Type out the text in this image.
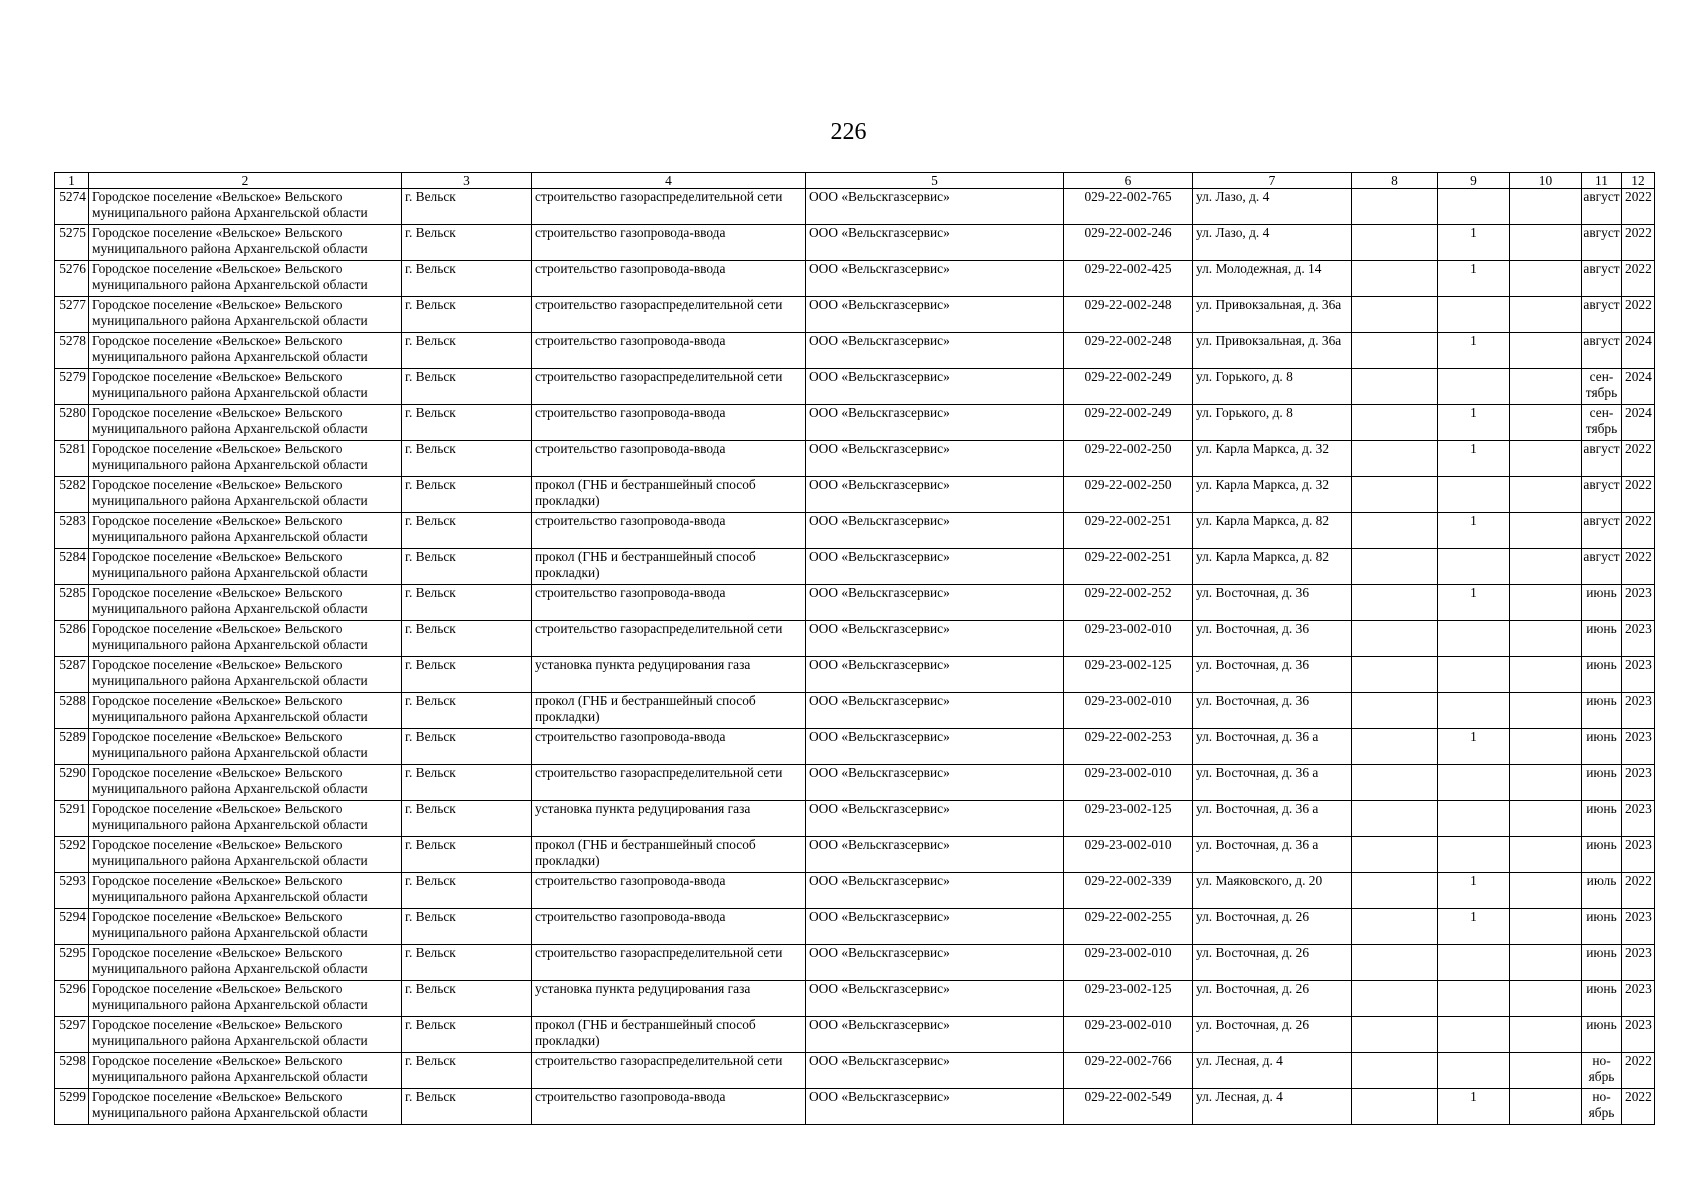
226
1	2	3	4	5	6	7	8	9	10	11	12
5274	Городское поселение «Вельское» Вельского муниципального района Архангельской области	г. Вельск	строительство газораспределительной сети	ООО «Вельскгазсервис»	029-22-002-765	ул. Лазо, д. 4				август	2022
5275	Городское поселение «Вельское» Вельского муниципального района Архангельской области	г. Вельск	строительство газопровода-ввода	ООО «Вельскгазсервис»	029-22-002-246	ул. Лазо, д. 4		1		август	2022
5276	Городское поселение «Вельское» Вельского муниципального района Архангельской области	г. Вельск	строительство газопровода-ввода	ООО «Вельскгазсервис»	029-22-002-425	ул. Молодежная, д. 14		1		август	2022
5277	Городское поселение «Вельское» Вельского муниципального района Архангельской области	г. Вельск	строительство газораспределительной сети	ООО «Вельскгазсервис»	029-22-002-248	ул. Привокзальная, д. 36а				август	2022
5278	Городское поселение «Вельское» Вельского муниципального района Архангельской области	г. Вельск	строительство газопровода-ввода	ООО «Вельскгазсервис»	029-22-002-248	ул. Привокзальная, д. 36а		1		август	2024
5279	Городское поселение «Вельское» Вельского муниципального района Архангельской области	г. Вельск	строительство газораспределительной сети	ООО «Вельскгазсервис»	029-22-002-249	ул. Горького, д. 8				сен-тябрь	2024
5280	Городское поселение «Вельское» Вельского муниципального района Архангельской области	г. Вельск	строительство газопровода-ввода	ООО «Вельскгазсервис»	029-22-002-249	ул. Горького, д. 8		1		сен-тябрь	2024
5281	Городское поселение «Вельское» Вельского муниципального района Архангельской области	г. Вельск	строительство газопровода-ввода	ООО «Вельскгазсервис»	029-22-002-250	ул. Карла Маркса, д. 32		1		август	2022
5282	Городское поселение «Вельское» Вельского муниципального района Архангельской области	г. Вельск	прокол (ГНБ и бестраншейный способ прокладки)	ООО «Вельскгазсервис»	029-22-002-250	ул. Карла Маркса, д. 32				август	2022
5283	Городское поселение «Вельское» Вельского муниципального района Архангельской области	г. Вельск	строительство газопровода-ввода	ООО «Вельскгазсервис»	029-22-002-251	ул. Карла Маркса, д. 82		1		август	2022
5284	Городское поселение «Вельское» Вельского муниципального района Архангельской области	г. Вельск	прокол (ГНБ и бестраншейный способ прокладки)	ООО «Вельскгазсервис»	029-22-002-251	ул. Карла Маркса, д. 82				август	2022
5285	Городское поселение «Вельское» Вельского муниципального района Архангельской области	г. Вельск	строительство газопровода-ввода	ООО «Вельскгазсервис»	029-22-002-252	ул. Восточная, д. 36		1		июнь	2023
5286	Городское поселение «Вельское» Вельского муниципального района Архангельской области	г. Вельск	строительство газораспределительной сети	ООО «Вельскгазсервис»	029-23-002-010	ул. Восточная, д. 36				июнь	2023
5287	Городское поселение «Вельское» Вельского муниципального района Архангельской области	г. Вельск	установка пункта редуцирования газа	ООО «Вельскгазсервис»	029-23-002-125	ул. Восточная, д. 36				июнь	2023
5288	Городское поселение «Вельское» Вельского муниципального района Архангельской области	г. Вельск	прокол (ГНБ и бестраншейный способ прокладки)	ООО «Вельскгазсервис»	029-23-002-010	ул. Восточная, д. 36				июнь	2023
5289	Городское поселение «Вельское» Вельского муниципального района Архангельской области	г. Вельск	строительство газопровода-ввода	ООО «Вельскгазсервис»	029-22-002-253	ул. Восточная, д. 36 а		1		июнь	2023
5290	Городское поселение «Вельское» Вельского муниципального района Архангельской области	г. Вельск	строительство газораспределительной сети	ООО «Вельскгазсервис»	029-23-002-010	ул. Восточная, д. 36 а				июнь	2023
5291	Городское поселение «Вельское» Вельского муниципального района Архангельской области	г. Вельск	установка пункта редуцирования газа	ООО «Вельскгазсервис»	029-23-002-125	ул. Восточная, д. 36 а				июнь	2023
5292	Городское поселение «Вельское» Вельского муниципального района Архангельской области	г. Вельск	прокол (ГНБ и бестраншейный способ прокладки)	ООО «Вельскгазсервис»	029-23-002-010	ул. Восточная, д. 36 а				июнь	2023
5293	Городское поселение «Вельское» Вельского муниципального района Архангельской области	г. Вельск	строительство газопровода-ввода	ООО «Вельскгазсервис»	029-22-002-339	ул. Маяковского, д. 20		1		июль	2022
5294	Городское поселение «Вельское» Вельского муниципального района Архангельской области	г. Вельск	строительство газопровода-ввода	ООО «Вельскгазсервис»	029-22-002-255	ул. Восточная, д. 26		1		июнь	2023
5295	Городское поселение «Вельское» Вельского муниципального района Архангельской области	г. Вельск	строительство газораспределительной сети	ООО «Вельскгазсервис»	029-23-002-010	ул. Восточная, д. 26				июнь	2023
5296	Городское поселение «Вельское» Вельского муниципального района Архангельской области	г. Вельск	установка пункта редуцирования газа	ООО «Вельскгазсервис»	029-23-002-125	ул. Восточная, д. 26				июнь	2023
5297	Городское поселение «Вельское» Вельского муниципального района Архангельской области	г. Вельск	прокол (ГНБ и бестраншейный способ прокладки)	ООО «Вельскгазсервис»	029-23-002-010	ул. Восточная, д. 26				июнь	2023
5298	Городское поселение «Вельское» Вельского муниципального района Архангельской области	г. Вельск	строительство газораспределительной сети	ООО «Вельскгазсервис»	029-22-002-766	ул. Лесная, д. 4				но-ябрь	2022
5299	Городское поселение «Вельское» Вельского муниципального района Архангельской области	г. Вельск	строительство газопровода-ввода	ООО «Вельскгазсервис»	029-22-002-549	ул. Лесная, д. 4		1		но-ябрь	2022
